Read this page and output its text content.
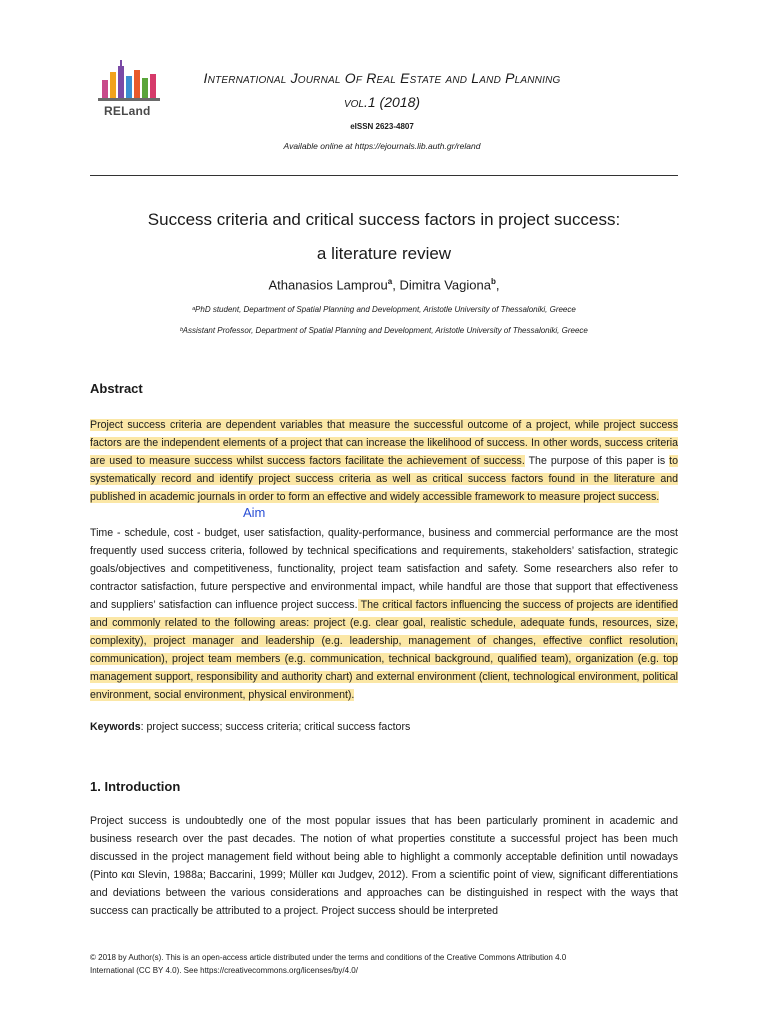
RELand
International Journal Of Real Estate and Land Planning
vol.1 (2018)
eISSN 2623-4807
Available online at https://ejournals.lib.auth.gr/reland
Success criteria and critical success factors in project success:
a literature review
Athanasios Lamprou$^a$, Dimitra Vagiona$^b$,
ᵃPhD student, Department of Spatial Planning and Development, Aristotle University of Thessaloniki, Greece
ᵇAssistant Professor, Department of Spatial Planning and Development, Aristotle University of Thessaloniki, Greece
Abstract
Project success criteria are dependent variables that measure the successful outcome of a project, while project success factors are the independent elements of a project that can increase the likelihood of success. In other words, success criteria are used to measure success whilst success factors facilitate the achievement of success. The purpose of this paper is to systematically record and identify project success criteria as well as critical success factors found in the literature and published in academic journals in order to form an effective and widely accessible framework to measure project success.
Aim
Time - schedule, cost - budget, user satisfaction, quality-performance, business and commercial performance are the most frequently used success criteria, followed by technical specifications and requirements, stakeholders’ satisfaction, strategic goals/objectives and competitiveness, functionality, project team satisfaction and safety. Some researchers also refer to contractor satisfaction, future perspective and environmental impact, while handful are those that support that effectiveness and suppliers’ satisfaction can influence project success. The critical factors influencing the success of projects are identified and commonly related to the following areas: project (e.g. clear goal, realistic schedule, adequate funds, resources, size, complexity), project manager and leadership (e.g. leadership, management of changes, effective conflict resolution, communication), project team members (e.g. communication, technical background, qualified team), organization (e.g. top management support, responsibility and authority chart) and external environment (client, technological environment, political environment, social environment, physical environment).
Keywords: project success; success criteria; critical success factors
1. Introduction
Project success is undoubtedly one of the most popular issues that has been particularly prominent in academic and business research over the past decades. The notion of what properties constitute a successful project has been much discussed in the project management field without being able to highlight a commonly acceptable definition until nowadays (Pinto και Slevin, 1988a; Baccarini, 1999; Müller και Judgev, 2012). From a scientific point of view, significant differentiations and deviations between the various considerations and approaches can be distinguished in respect with the ways that success can practically be attributed to a project. Project success should be interpreted
© 2018 by Author(s). This is an open-access article distributed under the terms and conditions of the Creative Commons Attribution 4.0
International (CC BY 4.0). See https://creativecommons.org/licenses/by/4.0/
